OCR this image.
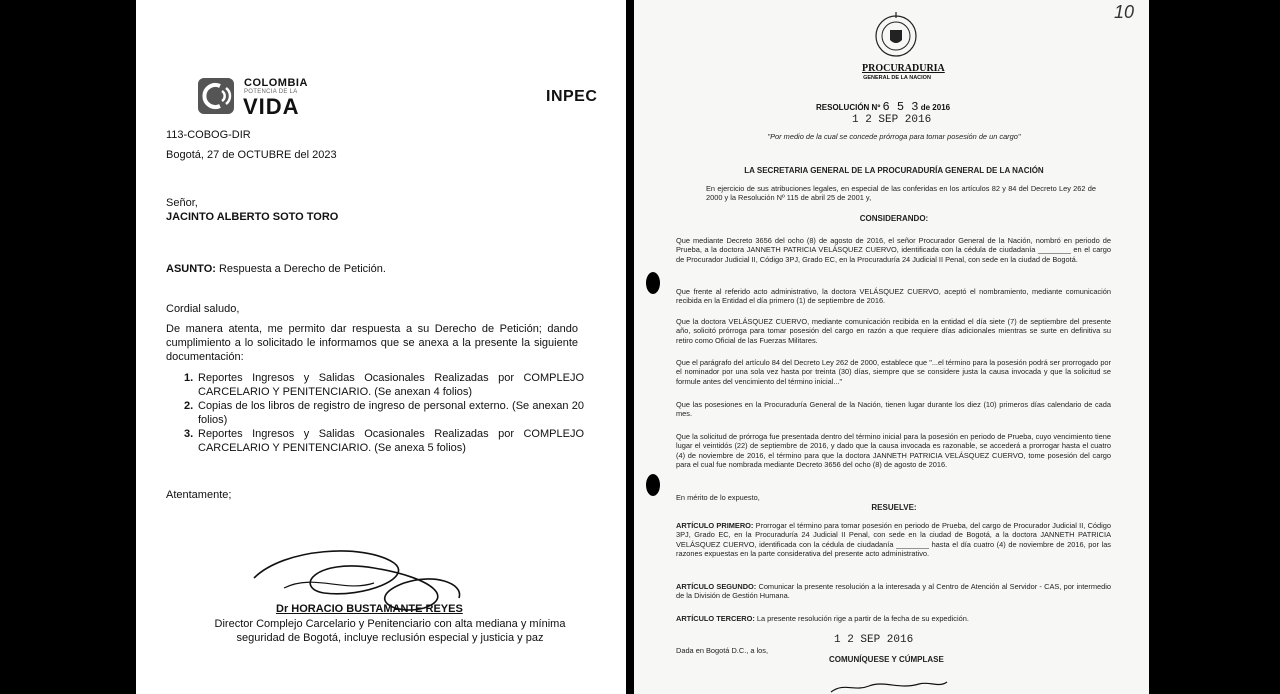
COLOMBIA
POTENCIA DE LA
VIDA	INPEC
113-COBOG-DIR
Bogotá, 27 de OCTUBRE del 2023
Señor,
JACINTO ALBERTO SOTO TORO
ASUNTO: Respuesta a Derecho de Petición.
Cordial saludo,
De manera atenta, me permito dar respuesta a su Derecho de Petición; dando cumplimiento a lo solicitado le informamos que se anexa a la presente la siguiente documentación:
1. Reportes Ingresos y Salidas Ocasionales Realizadas por COMPLEJO CARCELARIO Y PENITENCIARIO. (Se anexan 4 folios)
2. Copias de los libros de registro de ingreso de personal externo. (Se anexan 20 folios)
3. Reportes Ingresos y Salidas Ocasionales Realizadas por COMPLEJO CARCELARIO Y PENITENCIARIO. (Se anexa 5 folios)
Atentamente;
Dr HORACIO BUSTAMANTE REYES
Director Complejo Carcelario y Penitenciario con alta mediana y mínima seguridad de Bogotá, incluye reclusión especial y justicia y paz
10
PROCURADURIA
GENERAL DE LA NACION
RESOLUCIÓN Nº 6 5 3 de 2016
1 2 SEP 2016
"Por medio de la cual se concede prórroga para tomar posesión de un cargo"
LA SECRETARIA GENERAL DE LA PROCURADURÍA GENERAL DE LA NACIÓN
En ejercicio de sus atribuciones legales, en especial de las conferidas en los artículos 82 y 84 del Decreto Ley 262 de 2000 y la Resolución Nº 115 de abril 25 de 2001 y,
CONSIDERANDO:
Que mediante Decreto 3656 del ocho (8) de agosto de 2016, el señor Procurador General de la Nación, nombró en periodo de Prueba, a la doctora JANNETH PATRICIA VELÁSQUEZ CUERVO, identificada con la cédula de ciudadanía ________ en el cargo de Procurador Judicial II, Código 3PJ, Grado EC, en la Procuraduría 24 Judicial II Penal, con sede en la ciudad de Bogotá.
Que frente al referido acto administrativo, la doctora VELÁSQUEZ CUERVO, aceptó el nombramiento, mediante comunicación recibida en la Entidad el día primero (1) de septiembre de 2016.
Que la doctora VELÁSQUEZ CUERVO, mediante comunicación recibida en la entidad el día siete (7) de septiembre del presente año, solicitó prórroga para tomar posesión del cargo en razón a que requiere días adicionales mientras se surte en definitiva su retiro como Oficial de las Fuerzas Militares.
Que el parágrafo del artículo 84 del Decreto Ley 262 de 2000, establece que "...el término para la posesión podrá ser prorrogado por el nominador por una sola vez hasta por treinta (30) días, siempre que se considere justa la causa invocada y que la solicitud se formule antes del vencimiento del término inicial..."
Que las posesiones en la Procuraduría General de la Nación, tienen lugar durante los diez (10) primeros días calendario de cada mes.
Que la solicitud de prórroga fue presentada dentro del término inicial para la posesión en periodo de Prueba, cuyo vencimiento tiene lugar el veintidós (22) de septiembre de 2016, y dado que la causa invocada es razonable, se accederá a prorrogar hasta el cuatro (4) de noviembre de 2016, el término para que la doctora JANNETH PATRICIA VELÁSQUEZ CUERVO, tome posesión del cargo para el cual fue nombrada mediante Decreto 3656 del ocho (8) de agosto de 2016.
En mérito de lo expuesto,
RESUELVE:
ARTÍCULO PRIMERO: Prorrogar el término para tomar posesión en periodo de Prueba, del cargo de Procurador Judicial II, Código 3PJ, Grado EC, en la Procuraduría 24 Judicial II Penal, con sede en la ciudad de Bogotá, a la doctora JANNETH PATRICIA VELÁSQUEZ CUERVO, identificada con la cédula de ciudadanía ________ hasta el día cuatro (4) de noviembre de 2016, por las razones expuestas en la parte considerativa del presente acto administrativo.
ARTÍCULO SEGUNDO: Comunicar la presente resolución a la interesada y al Centro de Atención al Servidor - CAS, por intermedio de la División de Gestión Humana.
ARTÍCULO TERCERO: La presente resolución rige a partir de la fecha de su expedición.
Dada en Bogotá D.C., a los,
1 2 SEP 2016
COMUNÍQUESE Y CÚMPLASE
